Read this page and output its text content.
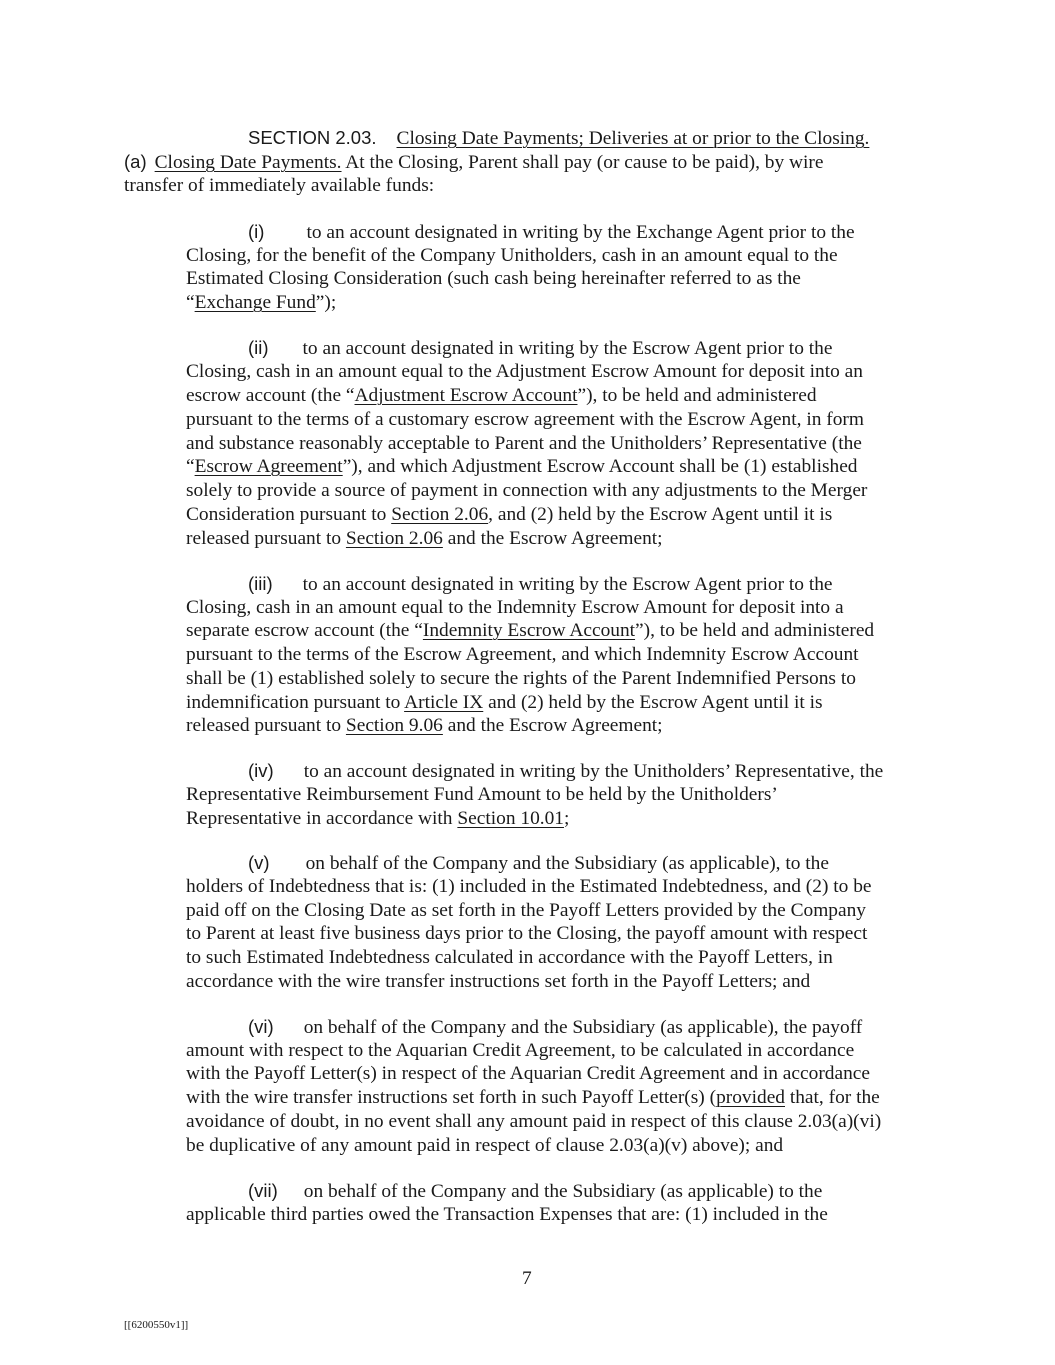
SECTION 2.03. Closing Date Payments; Deliveries at or prior to the Closing.
(a) Closing Date Payments. At the Closing, Parent shall pay (or cause to be paid), by wire
transfer of immediately available funds:
(i) to an account designated in writing by the Exchange Agent prior to the
Closing, for the benefit of the Company Unitholders, cash in an amount equal to the
Estimated Closing Consideration (such cash being hereinafter referred to as the
“Exchange Fund”);
(ii) to an account designated in writing by the Escrow Agent prior to the
Closing, cash in an amount equal to the Adjustment Escrow Amount for deposit into an
escrow account (the “Adjustment Escrow Account”), to be held and administered
pursuant to the terms of a customary escrow agreement with the Escrow Agent, in form
and substance reasonably acceptable to Parent and the Unitholders’ Representative (the
“Escrow Agreement”), and which Adjustment Escrow Account shall be (1) established
solely to provide a source of payment in connection with any adjustments to the Merger
Consideration pursuant to Section 2.06, and (2) held by the Escrow Agent until it is
released pursuant to Section 2.06 and the Escrow Agreement;
(iii) to an account designated in writing by the Escrow Agent prior to the
Closing, cash in an amount equal to the Indemnity Escrow Amount for deposit into a
separate escrow account (the “Indemnity Escrow Account”), to be held and administered
pursuant to the terms of the Escrow Agreement, and which Indemnity Escrow Account
shall be (1) established solely to secure the rights of the Parent Indemnified Persons to
indemnification pursuant to Article IX and (2) held by the Escrow Agent until it is
released pursuant to Section 9.06 and the Escrow Agreement;
(iv) to an account designated in writing by the Unitholders’ Representative, the
Representative Reimbursement Fund Amount to be held by the Unitholders’
Representative in accordance with Section 10.01;
(v) on behalf of the Company and the Subsidiary (as applicable), to the
holders of Indebtedness that is: (1) included in the Estimated Indebtedness, and (2) to be
paid off on the Closing Date as set forth in the Payoff Letters provided by the Company
to Parent at least five business days prior to the Closing, the payoff amount with respect
to such Estimated Indebtedness calculated in accordance with the Payoff Letters, in
accordance with the wire transfer instructions set forth in the Payoff Letters; and
(vi) on behalf of the Company and the Subsidiary (as applicable), the payoff
amount with respect to the Aquarian Credit Agreement, to be calculated in accordance
with the Payoff Letter(s) in respect of the Aquarian Credit Agreement and in accordance
with the wire transfer instructions set forth in such Payoff Letter(s) (provided that, for the
avoidance of doubt, in no event shall any amount paid in respect of this clause 2.03(a)(vi)
be duplicative of any amount paid in respect of clause 2.03(a)(v) above); and
(vii) on behalf of the Company and the Subsidiary (as applicable) to the
applicable third parties owed the Transaction Expenses that are: (1) included in the
7
[[6200550v1]]
